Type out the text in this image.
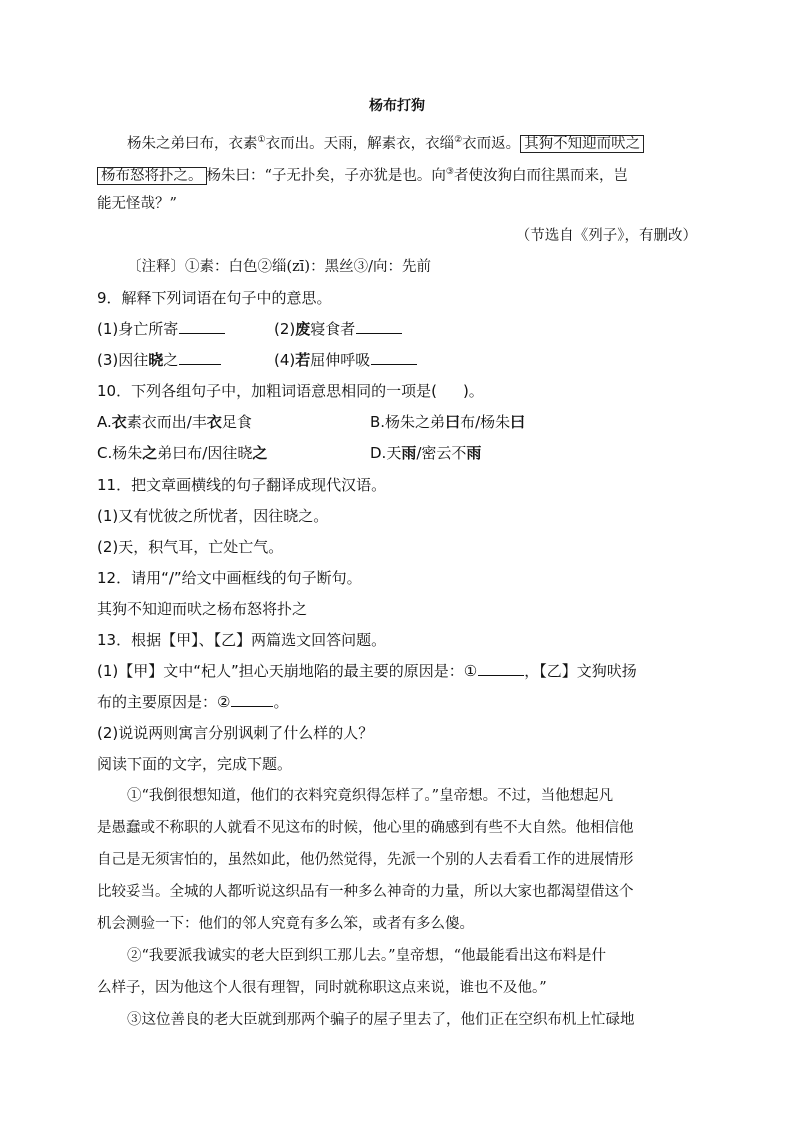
杨布打狗
杨朱之弟曰布，衣素①衣而出。天雨，解素衣，衣缁②衣而返。 其狗不知迎而吠之
杨布怒将扑之。 杨朱曰：“子无扑矣，子亦犹是也。向③者使汝狗白而往黑而来，岂
能无怪哉？”
（节选自《列子》，有删改）
〔注释〕①素：白色②缁(zī)：黑丝③/向：先前
9．解释下列词语在句子中的意思。
(1)身亡所寄	(2)废寝食者
(3)因往晓之	(4)若屈伸呼吸
10．下列各组句子中，加粗词语意思相同的一项是( )。
A.衣素衣而出/丰衣足食	B.杨朱之弟曰布/杨朱曰
C.杨朱之弟曰布/因往晓之	D.天雨/密云不雨
11．把文章画横线的句子翻译成现代汉语。
(1)又有忧彼之所忧者，因往晓之。
(2)天，积气耳，亡处亡气。
12．请用“/”给文中画框线的句子断句。
其狗不知迎而吠之杨布怒将扑之
13．根据【甲】、【乙】两篇选文回答问题。
(1)【甲】文中“杞人”担心天崩地陷的最主要的原因是：①	，【乙】文狗吠扬
布的主要原因是：②	。
(2)说说两则寓言分别讽刺了什么样的人？
阅读下面的文字，完成下题。
①“我倒很想知道，他们的衣料究竟织得怎样了。”皇帝想。不过，当他想起凡
是愚蠢或不称职的人就看不见这布的时候，他心里的确感到有些不大自然。他相信他
自己是无须害怕的，虽然如此，他仍然觉得，先派一个别的人去看看工作的进展情形
比较妥当。全城的人都听说这织品有一种多么神奇的力量，所以大家也都渴望借这个
机会测验一下：他们的邻人究竟有多么笨，或者有多么傻。
②“我要派我诚实的老大臣到织工那儿去。”皇帝想，“他最能看出这布料是什
么样子，因为他这个人很有理智，同时就称职这点来说，谁也不及他。”
③这位善良的老大臣就到那两个骗子的屋子里去了，他们正在空织布机上忙碌地
